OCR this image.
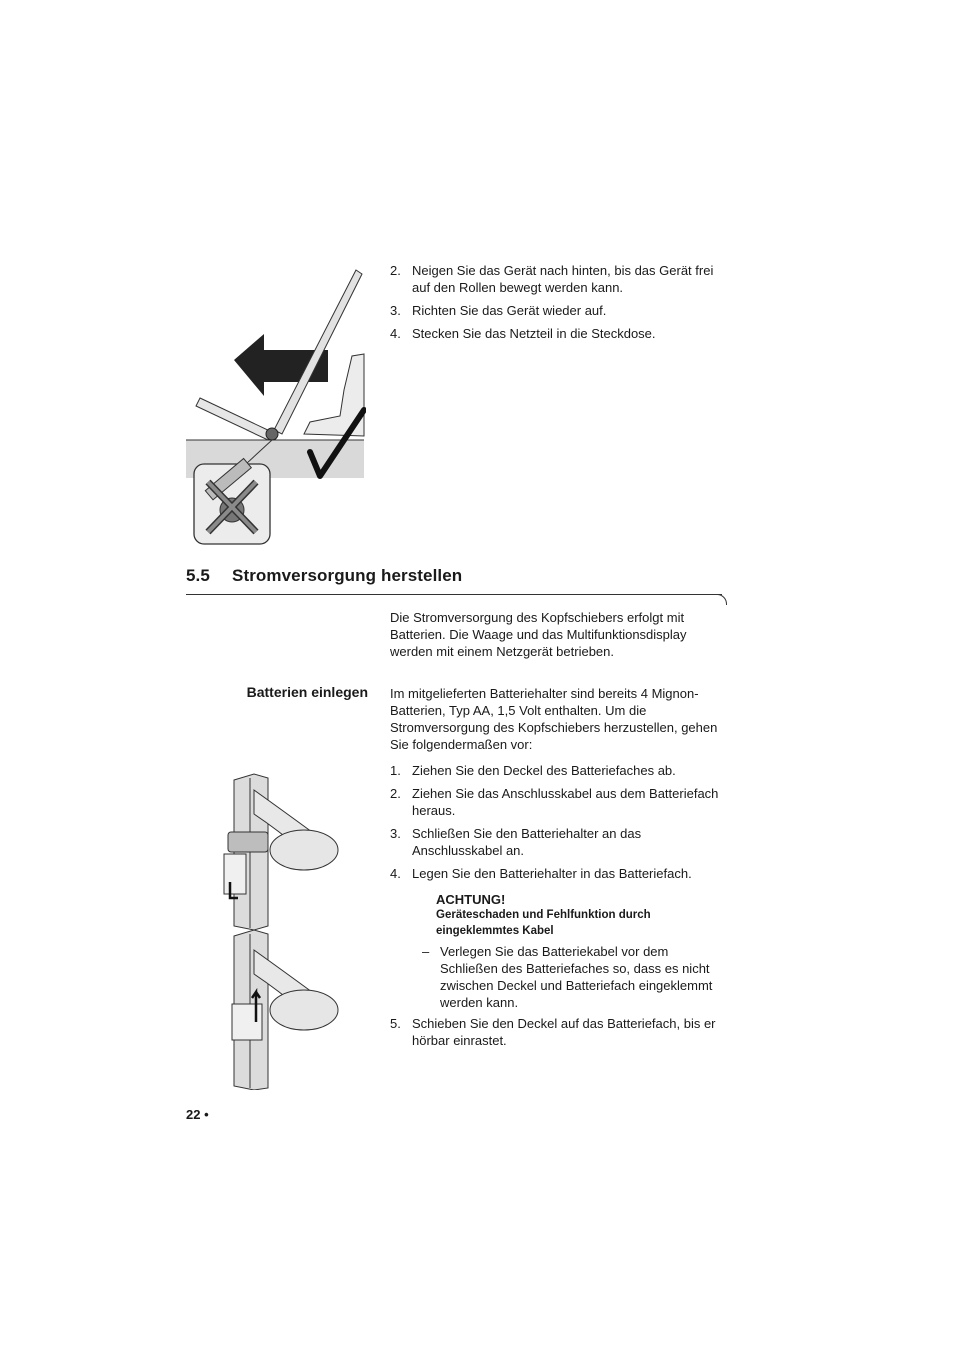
2. Neigen Sie das Gerät nach hinten, bis das Gerät frei auf den Rollen bewegt werden kann.
3. Richten Sie das Gerät wieder auf.
4. Stecken Sie das Netzteil in die Steckdose.
5.5 Stromversorgung herstellen

Die Stromversorgung des Kopfschiebers erfolgt mit Batterien. Die Waage und das Multifunktionsdisplay werden mit einem Netzgerät betrieben.

Batterien einlegen Im mitgelieferten Batteriehalter sind bereits 4 Mignon-Batterien, Typ AA, 1,5 Volt enthalten. Um die Stromversorgung des Kopfschiebers herzustellen, gehen Sie folgendermaßen vor:

1. Ziehen Sie den Deckel des Batteriefaches ab.
2. Ziehen Sie das Anschlusskabel aus dem Batteriefach heraus.
3. Schließen Sie den Batteriehalter an das Anschlusskabel an.
4. Legen Sie den Batteriehalter in das Batteriefach.
ACHTUNG!
Geräteschaden und Fehlfunktion durch eingeklemmtes Kabel
– Verlegen Sie das Batteriekabel vor dem Schließen des Batteriefaches so, dass es nicht zwischen Deckel und Batteriefach eingeklemmt werden kann.
5. Schieben Sie den Deckel auf das Batteriefach, bis er hörbar einrastet.
22 •
